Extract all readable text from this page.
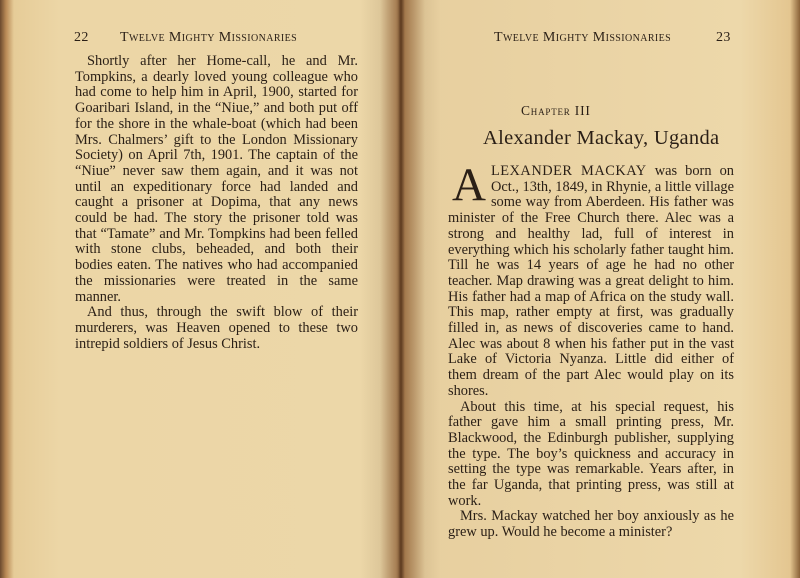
22 Twelve Mighty Missionaries

Shortly after her Home-call, he and Mr. Tompkins, a dearly loved young colleague who had come to help him in April, 1900, started for Goaribari Island, in the “Niue,” and both put off for the shore in the whale-boat (which had been Mrs. Chalmers’ gift to the London Missionary Society) on April 7th, 1901. The captain of the “Niue” never saw them again, and it was not until an expeditionary force had landed and caught a prisoner at Dopima, that any news could be had. The story the prisoner told was that “Tamate” and Mr. Tompkins had been felled with stone clubs, beheaded, and both their bodies eaten. The natives who had accompanied the missionaries were treated in the same manner.

And thus, through the swift blow of their murderers, was Heaven opened to these two intrepid soldiers of Jesus Christ.

Twelve Mighty Missionaries	23
Chapter III
Alexander Mackay, Uganda

ALEXANDER MACKAY was born on Oct., 13th, 1849, in Rhynie, a little village some way from Aberdeen. His father was minister of the Free Church there. Alec was a strong and healthy lad, full of interest in everything which his scholarly father taught him. Till he was 14 years of age he had no other teacher. Map drawing was a great delight to him. His father had a map of Africa on the study wall. This map, rather empty at first, was gradually filled in, as news of discoveries came to hand. Alec was about 8 when his father put in the vast Lake of Victoria Nyanza. Little did either of them dream of the part Alec would play on its shores.

About this time, at his special request, his father gave him a small printing press, Mr. Blackwood, the Edinburgh publisher, supplying the type. The boy’s quickness and accuracy in setting the type was remarkable. Years after, in the far Uganda, that printing press, was still at work.

Mrs. Mackay watched her boy anxiously as he grew up. Would he become a minister?
